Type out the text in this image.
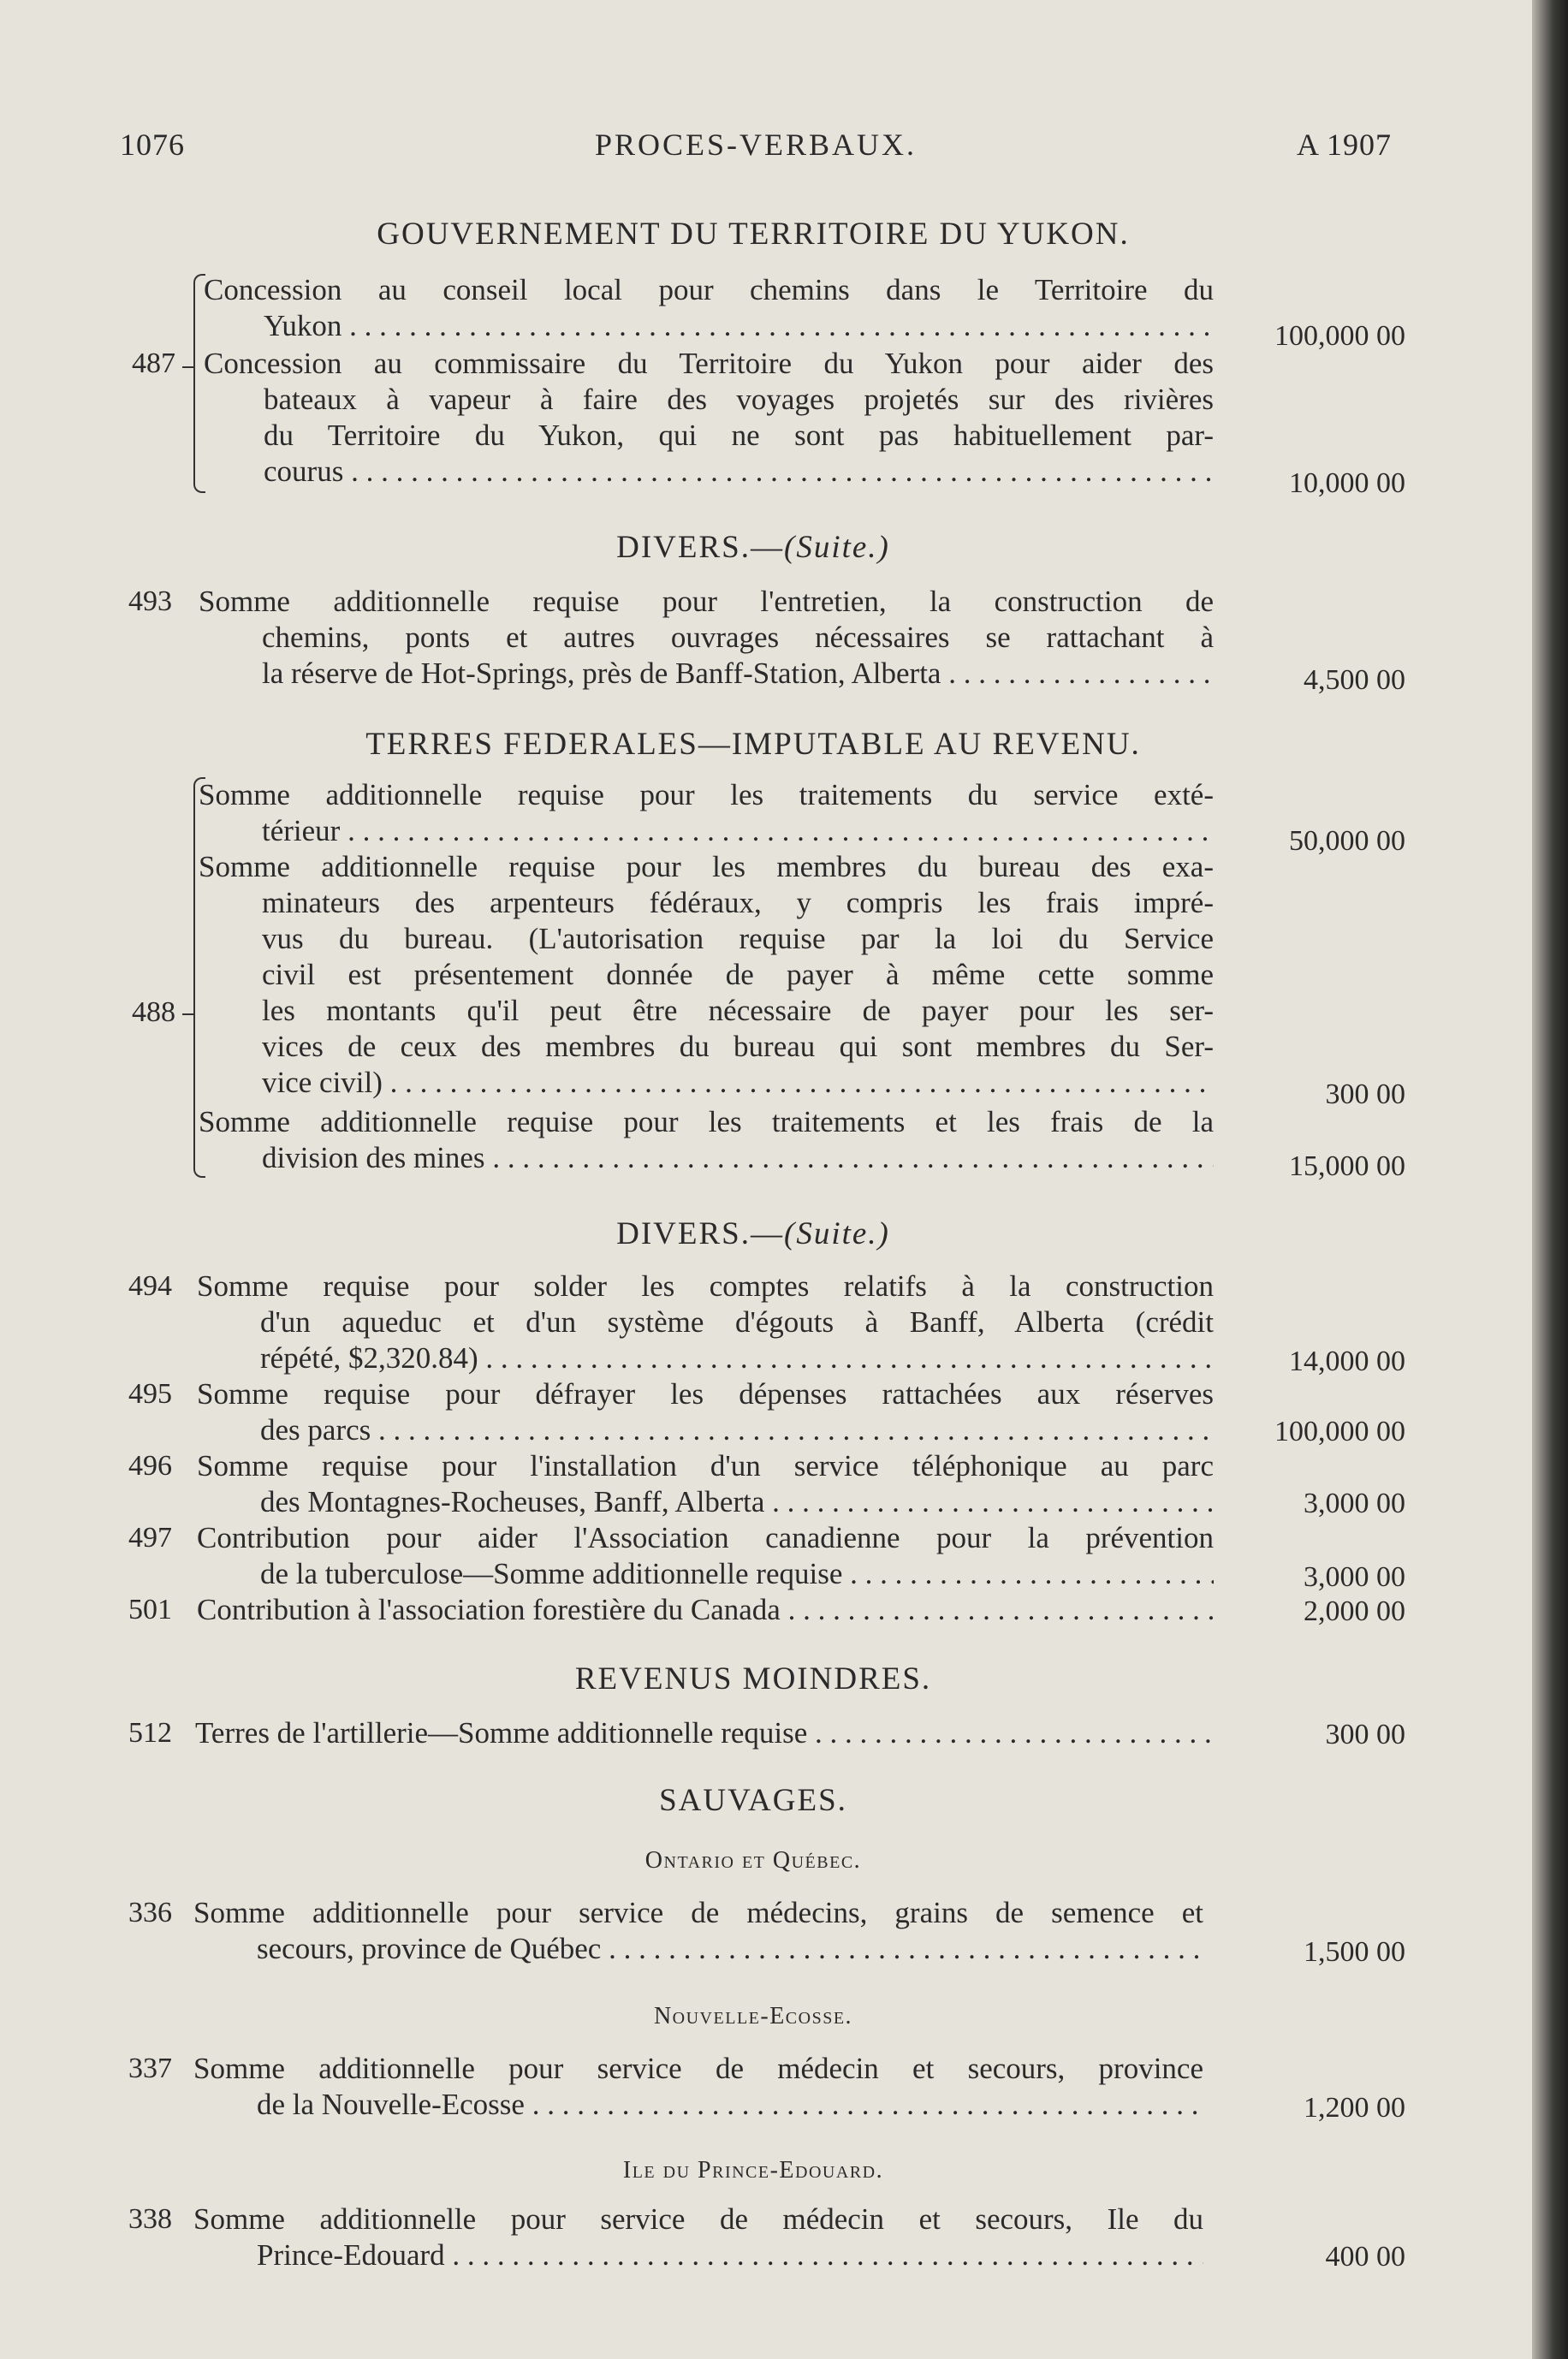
1076	PROCES-VERBAUX.	A 1907
GOUVERNEMENT DU TERRITOIRE DU YUKON.
487
Concession au conseil local pour chemins dans le Territoire du
Yukon . . .	100,000 00
Concession au commissaire du Territoire du Yukon pour aider des
bateaux à vapeur à faire des voyages projetés sur des rivières
du Territoire du Yukon, qui ne sont pas habituellement par-
courus . . .	10,000 00
DIVERS.—(Suite.)
493 Somme additionnelle requise pour l'entretien, la construction de
chemins, ponts et autres ouvrages nécessaires se rattachant à
la réserve de Hot-Springs, près de Banff-Station, Alberta . . .	4,500 00
TERRES FEDERALES—IMPUTABLE AU REVENU.
488
Somme additionnelle requise pour les traitements du service exté-
térieur . . .	50,000 00
Somme additionnelle requise pour les membres du bureau des exa-
minateurs des arpenteurs fédéraux, y compris les frais impré-
vus du bureau. (L'autorisation requise par la loi du Service
civil est présentement donnée de payer à même cette somme
les montants qu'il peut être nécessaire de payer pour les ser-
vices de ceux des membres du bureau qui sont membres du Ser-
vice civil) . . .	300 00
Somme additionnelle requise pour les traitements et les frais de la
division des mines . . .	15,000 00
DIVERS.—(Suite.)
494 Somme requise pour solder les comptes relatifs à la construction
d'un aqueduc et d'un système d'égouts à Banff, Alberta (crédit
répété, $2,320.84) . . .	14,000 00
495 Somme requise pour défrayer les dépenses rattachées aux réserves
des parcs . . .	100,000 00
496 Somme requise pour l'installation d'un service téléphonique au parc
des Montagnes-Rocheuses, Banff, Alberta . . .	3,000 00
497 Contribution pour aider l'Association canadienne pour la prévention
de la tuberculose—Somme additionnelle requise . . .	3,000 00
501 Contribution à l'association forestière du Canada . . .	2,000 00
REVENUS MOINDRES.
512 Terres de l'artillerie—Somme additionnelle requise . . .	300 00
SAUVAGES.
Ontario et Québec.
336 Somme additionnelle pour service de médecins, grains de semence et
secours, province de Québec . . .	1,500 00
Nouvelle-Ecosse.
337 Somme additionnelle pour service de médecin et secours, province
de la Nouvelle-Ecosse . . .	1,200 00
Ile du Prince-Edouard.
338 Somme additionnelle pour service de médecin et secours, Ile du
Prince-Edouard . . .	400 00
